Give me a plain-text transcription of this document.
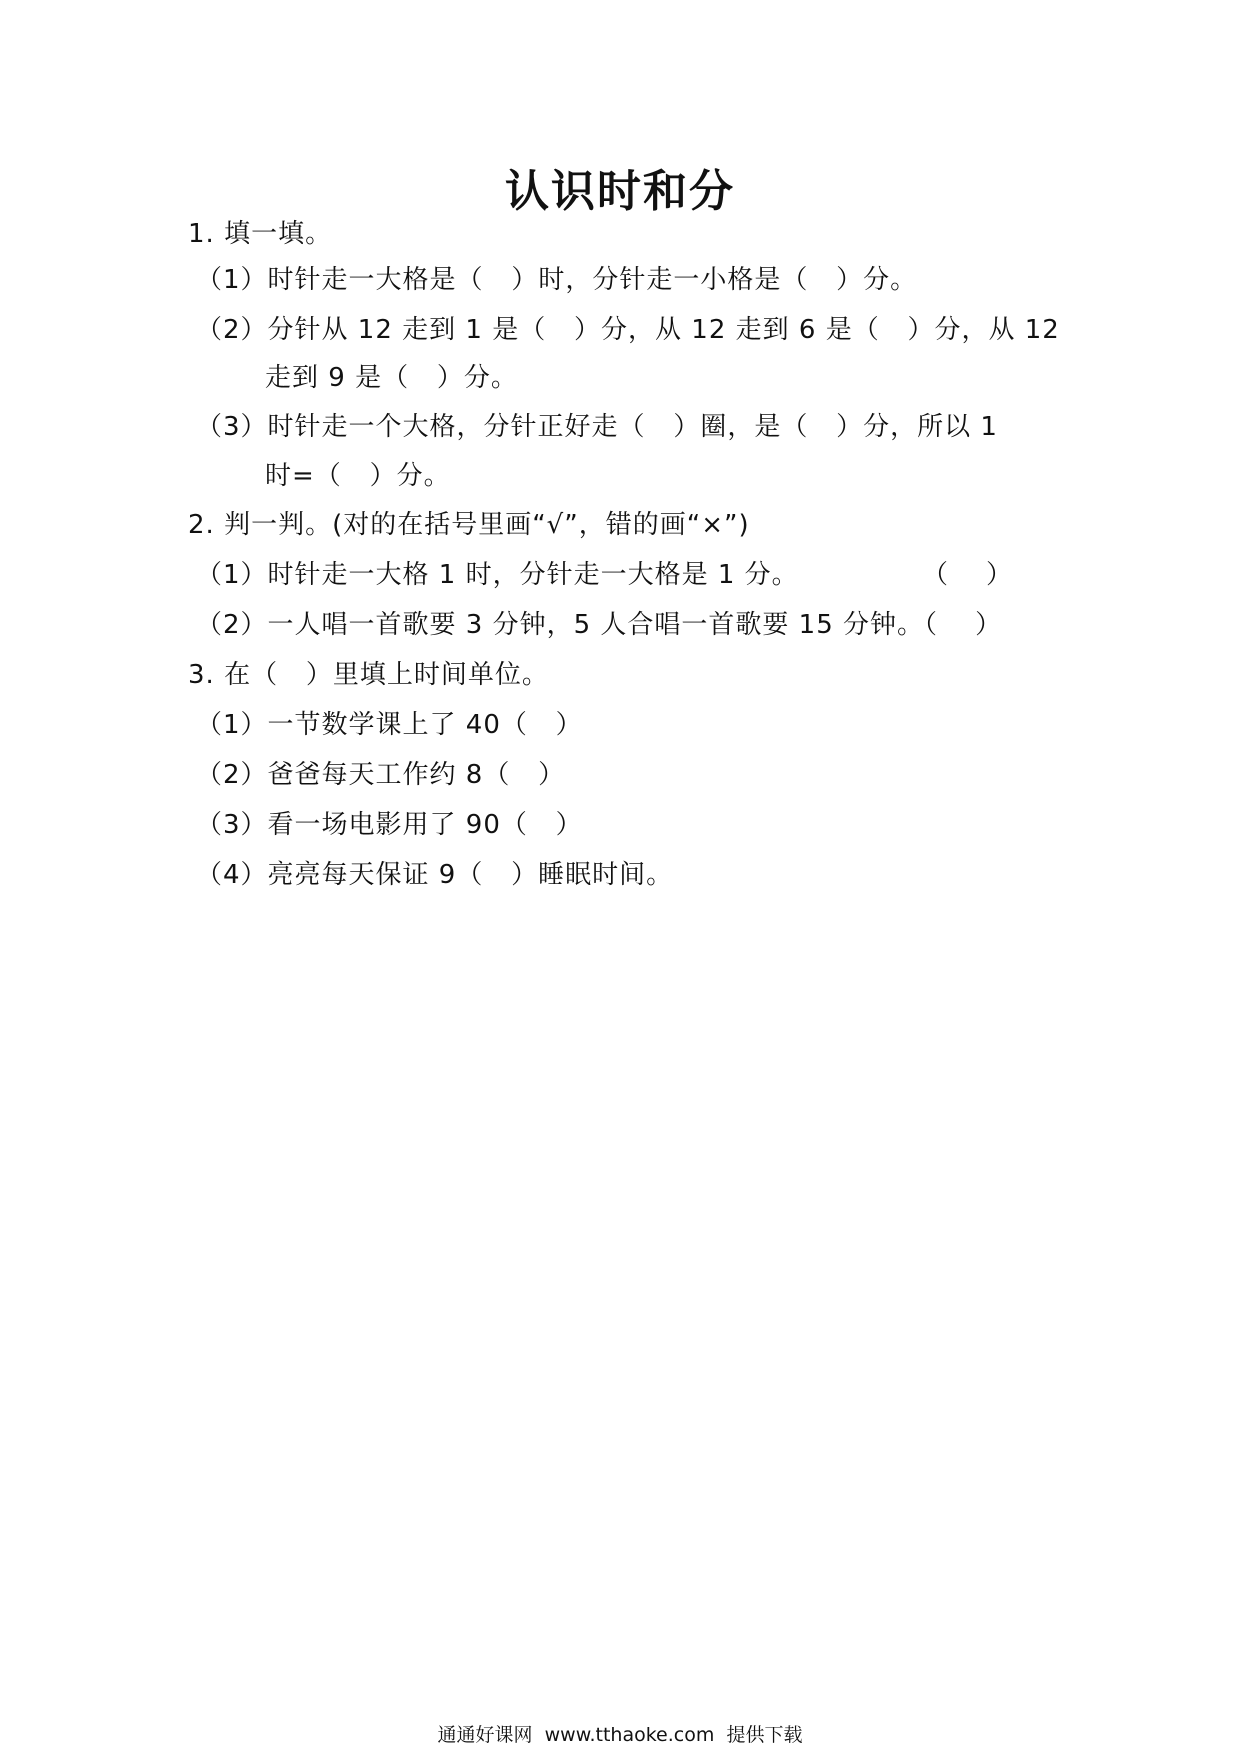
认识时和分
1. 填一填。
（1）时针走一大格是（   ）时，分针走一小格是（   ）分。
（2）分针从 12 走到 1 是（   ）分，从 12 走到 6 是（   ）分，从 12
走到 9 是（   ）分。
（3）时针走一个大格，分针正好走（   ）圈，是（   ）分，所以 1
时=（   ）分。
2. 判一判。(对的在括号里画“√”，错的画“×”)
（1）时针走一大格 1 时，分针走一大格是 1 分。	（    ）
（2）一人唱一首歌要 3 分钟，5 人合唱一首歌要 15 分钟。（    ）
3. 在（   ）里填上时间单位。
（1）一节数学课上了 40（   ）
（2）爸爸每天工作约 8（   ）
（3）看一场电影用了 90（   ）
（4）亮亮每天保证 9（   ）睡眠时间。
通通好课网  www.tthaoke.com  提供下载
